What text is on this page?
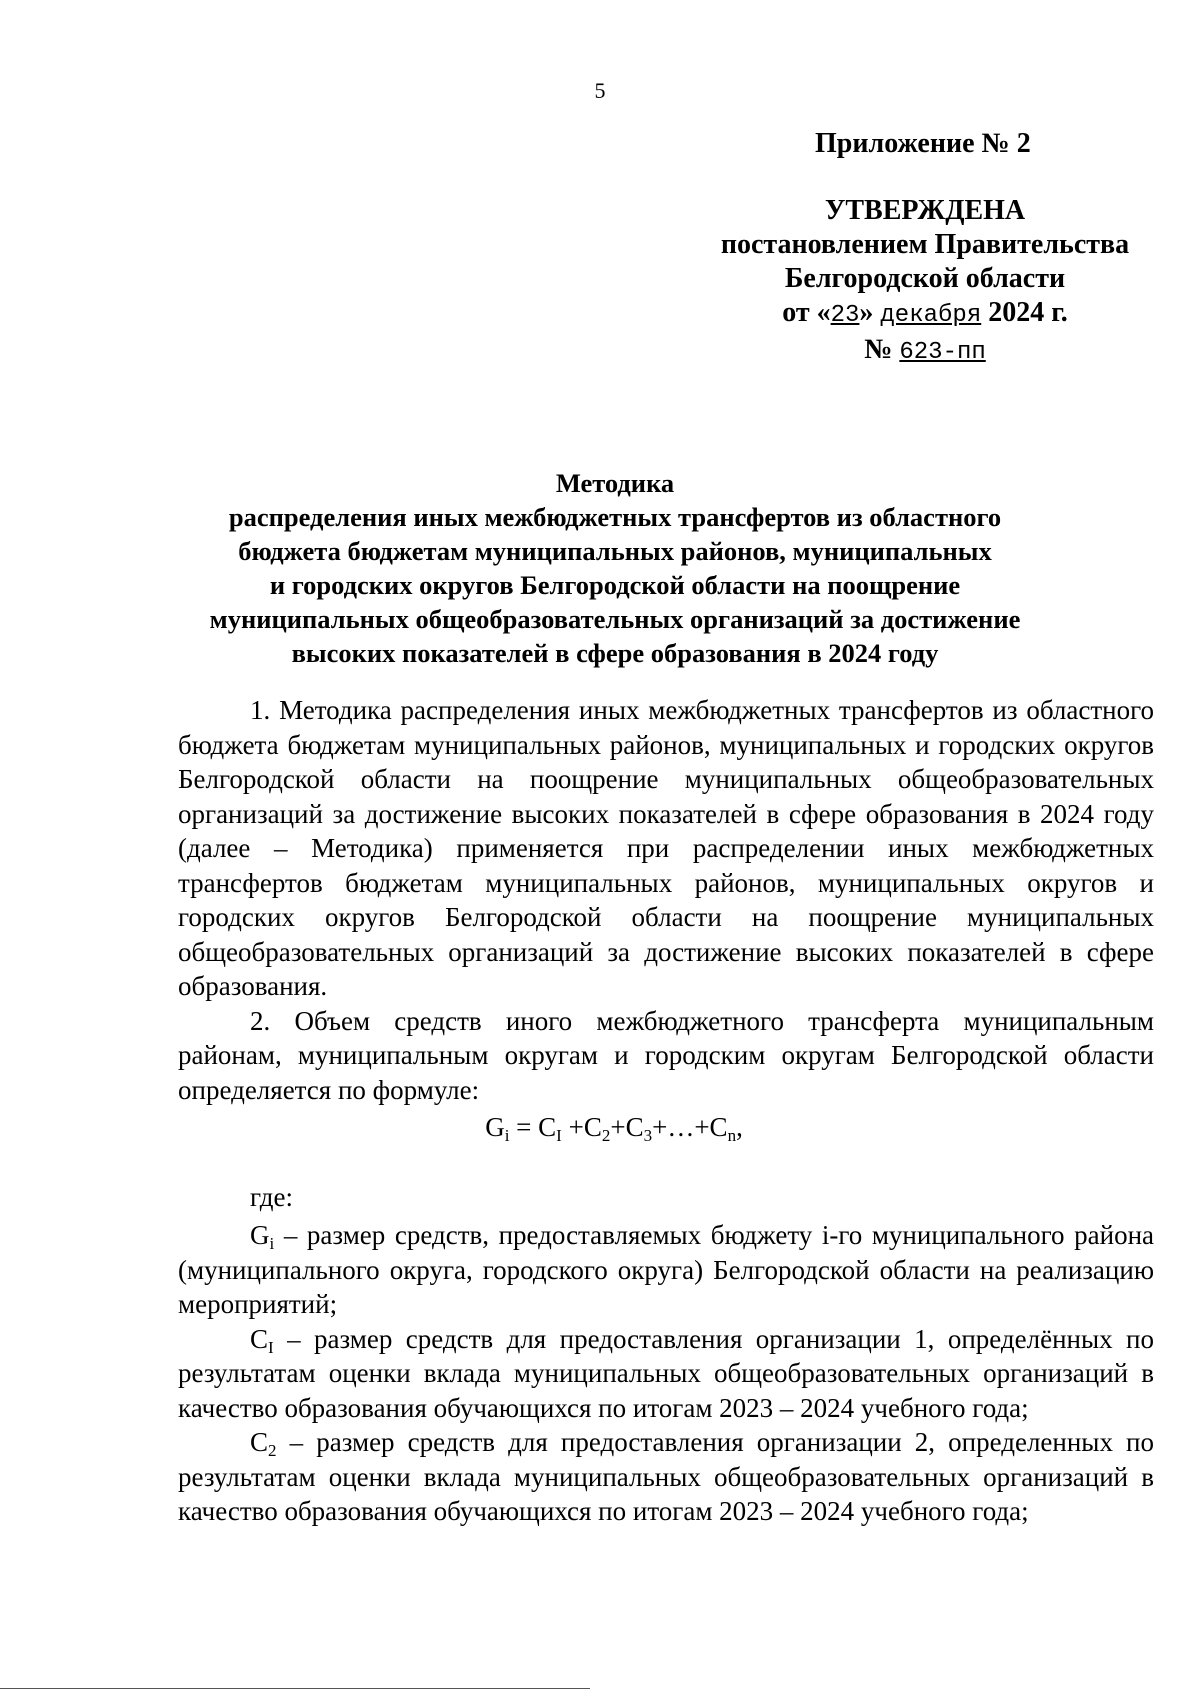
5
Приложение № 2
УТВЕРЖДЕНА
постановлением Правительства
Белгородской области
от «23» декабря 2024 г.
№ 623-пп
Методика
распределения иных межбюджетных трансфертов из областного
бюджета бюджетам муниципальных районов, муниципальных
и городских округов Белгородской области на поощрение
муниципальных общеобразовательных организаций за достижение
высоких показателей в сфере образования в 2024 году

1. Методика распределения иных межбюджетных трансфертов из областного бюджета бюджетам муниципальных районов, муниципальных и городских округов Белгородской области на поощрение муниципальных общеобразовательных организаций за достижение высоких показателей в сфере образования в 2024 году (далее – Методика) применяется при распределении иных межбюджетных трансфертов бюджетам муниципальных районов, муниципальных округов и городских округов Белгородской области на поощрение муниципальных общеобразовательных организаций за достижение высоких показателей в сфере образования.

2. Объем средств иного межбюджетного трансферта муниципальным районам, муниципальным округам и городским округам Белгородской области определяется по формуле:

$G_i = C_I$ $+C_2+C_3+\dots+C_n$,
где:

$G_i$ – размер средств, предоставляемых бюджету i-го муниципального района (муниципального округа, городского округа) Белгородской области на реализацию мероприятий;

$C_I$ – размер средств для предоставления организации 1, определённых по результатам оценки вклада муниципальных общеобразовательных организаций в качество образования обучающихся по итогам 2023 – 2024 учебного года;

$C_2$ – размер средств для предоставления организации 2, определенных по результатам оценки вклада муниципальных общеобразовательных организаций в качество образования обучающихся по итогам 2023 – 2024 учебного года;
